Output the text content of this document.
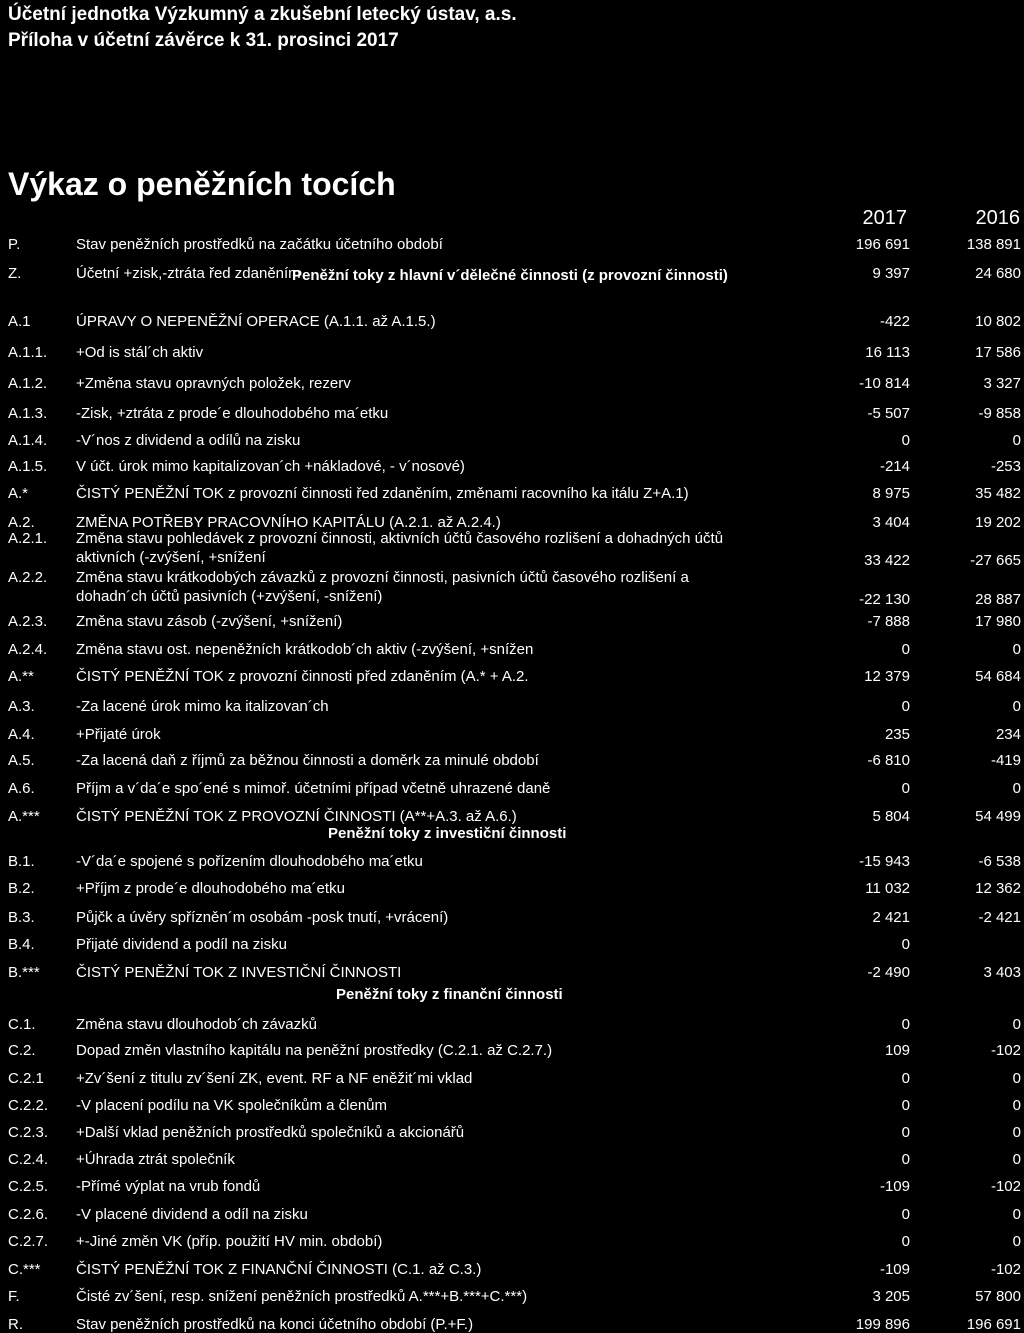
Účetní jednotka Výzkumný a zkušební letecký ústav, a.s.
Příloha v účetní závěrce k 31. prosinci 2017
Výkaz o peněžních tocích
2017	2016
Peněžní toky z hlavní v´dělečné činnosti (z provozní činnosti)
Peněžní toky z investiční činnosti
Peněžní toky z finanční činnosti
P.	Stav peněžních prostředků na začátku účetního období	196 691	138 891
Z.	Účetní +zisk,-ztráta řed zdaněním	9 397	24 680
A.1	ÚPRAVY O NEPENĚŽNÍ OPERACE (A.1.1. až A.1.5.)	-422	10 802
A.1.1. +Od is stál´ch aktiv	16 113	17 586
A.1.2. +Změna stavu opravných položek, rezerv	-10 814	3 327
A.1.3. -Zisk, +ztráta z prode´e dlouhodobého ma´etku	-5 507	-9 858
A.1.4. -V´nos z dividend a odílů na zisku	0	0
A.1.5. V účt. úrok mimo kapitalizovan´ch +nákladové, - v´nosové)	-214	-253
A.*	ČISTÝ PENĚŽNÍ TOK z provozní činnosti řed zdaněním, změnami racovního ka itálu Z+A.1)	8 975	35 482
A.2.	ZMĚNA POTŘEBY PRACOVNÍHO KAPITÁLU (A.2.1. až A.2.4.)	3 404	19 202
A.2.1. Změna stavu pohledávek z provozní činnosti, aktivních účtů časového rozlišení a dohadných účtů
aktivních (-zvýšení, +snížení	33 422	-27 665
A.2.2. Změna stavu krátkodobých závazků z provozní činnosti, pasivních účtů časového rozlišení a
dohadn´ch účtů pasivních (+zvýšení, -snížení)	-22 130	28 887
A.2.3. Změna stavu zásob (-zvýšení, +snížení)	-7 888	17 980
A.2.4. Změna stavu ost. nepeněžních krátkodob´ch aktiv (-zvýšení, +snížen	0	0
A.**	ČISTÝ PENĚŽNÍ TOK z provozní činnosti před zdaněním (A.* + A.2.	12 379	54 684
A.3.	-Za lacené úrok mimo ka italizovan´ch	0	0
A.4.	+Přijaté úrok	235	234
A.5.	-Za lacená daň z říjmů za běžnou činnosti a doměrk za minulé období	-6 810	-419
A.6.	Příjm a v´da´e spo´ené s mimoř. účetními případ včetně uhrazené daně	0	0
A.*** ČISTÝ PENĚŽNÍ TOK Z PROVOZNÍ ČINNOSTI (A**+A.3. až A.6.)	5 804	54 499
B.1.	-V´da´e spojené s pořízením dlouhodobého ma´etku	-15 943	-6 538
B.2.	+Příjm z prode´e dlouhodobého ma´etku	11 032	12 362
B.3.	Půjčk a úvěry spřízněn´m osobám -posk tnutí, +vrácení)	2 421	-2 421
B.4.	Přijaté dividend a podíl na zisku	0
B.*** ČISTÝ PENĚŽNÍ TOK Z INVESTIČNÍ ČINNOSTI	-2 490	3 403
C.1.	Změna stavu dlouhodob´ch závazků	0	0
C.2.	Dopad změn vlastního kapitálu na peněžní prostředky (C.2.1. až C.2.7.)	109	-102
C.2.1 +Zv´šení z titulu zv´šení ZK, event. RF a NF eněžit´mi vklad	0	0
C.2.2. -V placení podílu na VK společníkům a členům	0	0
C.2.3. +Další vklad peněžních prostředků společníků a akcionářů	0	0
C.2.4. +Úhrada ztrát společník	0	0
C.2.5. -Přímé výplat na vrub fondů	-109	-102
C.2.6. -V placené dividend a odíl na zisku	0	0
C.2.7. +-Jiné změn VK (příp. použití HV min. období)	0	0
C.*** ČISTÝ PENĚŽNÍ TOK Z FINANČNÍ ČINNOSTI (C.1. až C.3.)	-109	-102
F.	Čisté zv´šení, resp. snížení peněžních prostředků A.***+B.***+C.***)	3 205	57 800
R.	Stav peněžních prostředků na konci účetního období (P.+F.)	199 896	196 691
